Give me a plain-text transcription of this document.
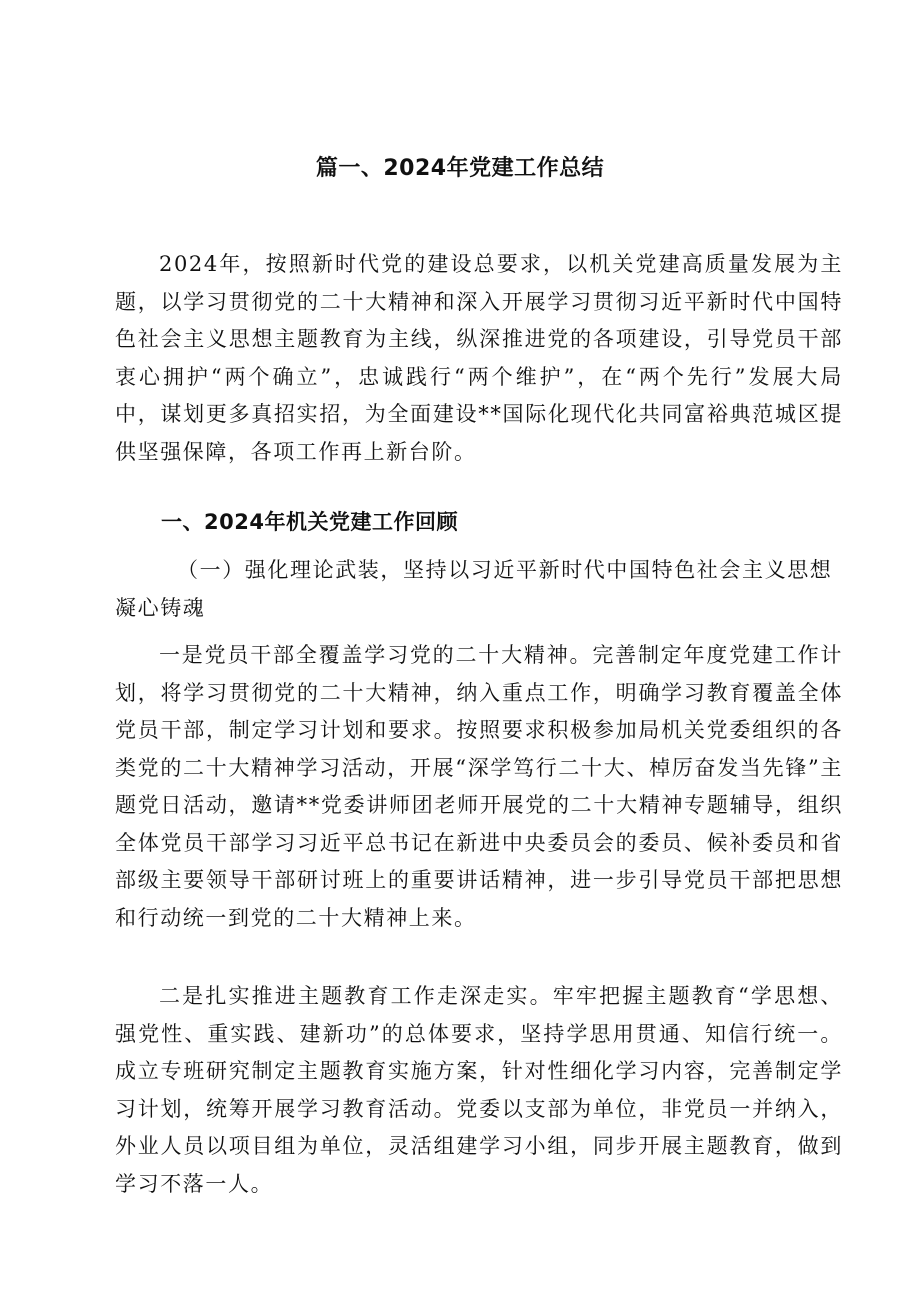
篇一、2024年党建工作总结
2024年，按照新时代党的建设总要求，以机关党建高质量发展为主题，以学习贯彻党的二十大精神和深入开展学习贯彻习近平新时代中国特色社会主义思想主题教育为主线，纵深推进党的各项建设，引导党员干部衷心拥护“两个确立”，忠诚践行“两个维护”，在“两个先行”发展大局中，谋划更多真招实招，为全面建设**国际化现代化共同富裕典范城区提供坚强保障，各项工作再上新台阶。
一、2024年机关党建工作回顾
（一）强化理论武装，坚持以习近平新时代中国特色社会主义思想凝心铸魂
一是党员干部全覆盖学习党的二十大精神。完善制定年度党建工作计划，将学习贯彻党的二十大精神，纳入重点工作，明确学习教育覆盖全体党员干部，制定学习计划和要求。按照要求积极参加局机关党委组织的各类党的二十大精神学习活动，开展“深学笃行二十大、棹厉奋发当先锋”主题党日活动，邀请**党委讲师团老师开展党的二十大精神专题辅导，组织全体党员干部学习习近平总书记在新进中央委员会的委员、候补委员和省部级主要领导干部研讨班上的重要讲话精神，进一步引导党员干部把思想和行动统一到党的二十大精神上来。
二是扎实推进主题教育工作走深走实。牢牢把握主题教育“学思想、强党性、重实践、建新功”的总体要求，坚持学思用贯通、知信行统一。成立专班研究制定主题教育实施方案，针对性细化学习内容，完善制定学习计划，统筹开展学习教育活动。党委以支部为单位，非党员一并纳入，外业人员以项目组为单位，灵活组建学习小组，同步开展主题教育，做到学习不落一人。
